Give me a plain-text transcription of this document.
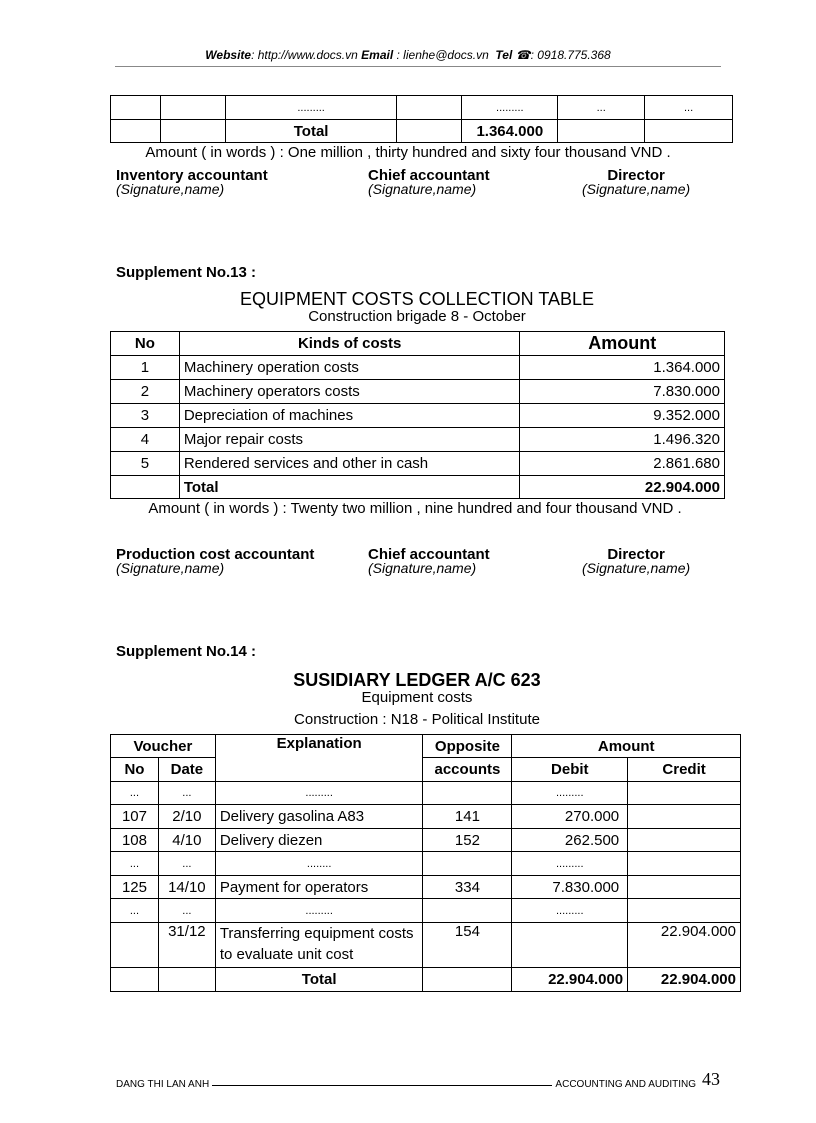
Website: http://www.docs.vn Email : lienhe@docs.vn Tel ☎: 0918.775.368
		.........		.........	...	...
		Total		1.364.000		
Amount ( in words ) : One million , thirty hundred and sixty four thousand VND .
Inventory accountant
(Signature,name)
Chief accountant
(Signature,name)
Director
(Signature,name)
Supplement No.13 :
EQUIPMENT COSTS COLLECTION TABLE
Construction brigade 8 - October
No	Kinds of costs	Amount
1	Machinery operation costs	1.364.000
2	Machinery operators costs	7.830.000
3	Depreciation of machines	9.352.000
4	Major repair costs	1.496.320
5	Rendered services and other in cash	2.861.680
	Total	22.904.000
Amount ( in words ) : Twenty two million , nine hundred and four thousand VND .
Production cost accountant
(Signature,name)
Chief accountant
(Signature,name)
Director
(Signature,name)
Supplement No.14 :
SUSIDIARY LEDGER A/C 623
Equipment costs
Construction : N18 - Political Institute
Voucher		Explanation	Opposite	Amount	
No	Date		accounts	Debit	Credit
...	...	.........		.........	
107	2/10	Delivery gasolina A83	141	270.000	
108	4/10	Delivery diezen	152	262.500	
...	...	........		.........	
125	14/10	Payment for operators	334	7.830.000	
...	...	.........		.........	
	31/12	Transferring equipment costs to evaluate unit cost	154		22.904.000
		Total		22.904.000	22.904.000
DANG THI LAN ANH	ACCOUNTING AND AUDITING 43
